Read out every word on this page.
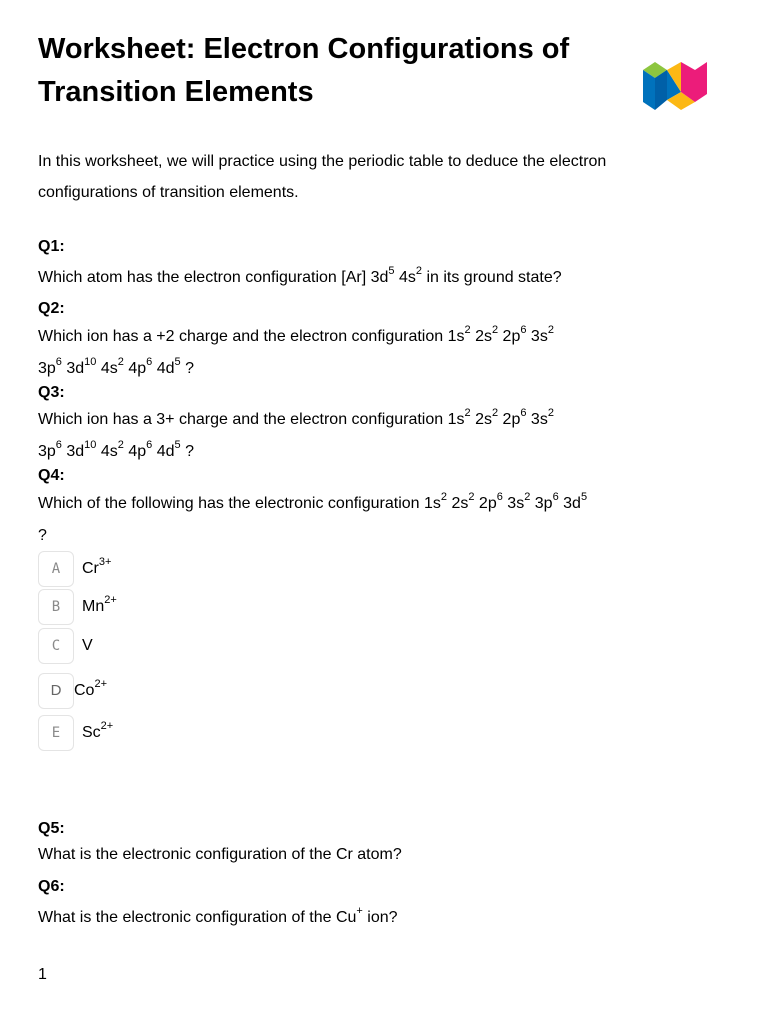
Worksheet: Electron Configurations of Transition Elements
In this worksheet, we will practice using the periodic table to deduce the electron configurations of transition elements.
Q1:
Which atom has the electron configuration [Ar] $3d^5$ $4s^2$ in its ground state?
Q2:
Which ion has a +2 charge and the electron configuration $1s^2$ $2s^2$ $2p^6$ $3s^2$ $3p^6$ $3d^{10}$ $4s^2$ $4p^6$ $4d^5$ ?
Q3:
Which ion has a 3+ charge and the electron configuration $1s^2$ $2s^2$ $2p^6$ $3s^2$ $3p^6$ $3d^{10}$ $4s^2$ $4p^6$ $4d^5$ ?
Q4:
Which of the following has the electronic configuration $1s^2$ $2s^2$ $2p^6$ $3s^2$ $3p^6$ $3d^5$ ?
A	$Cr^{3+}$
B	$Mn^{2+}$
C	V
D $Co^{2+}$
E	$Sc^{2+}$
Q5:
What is the electronic configuration of the Cr atom?
Q6:
What is the electronic configuration of the Cu+ ion?
1
